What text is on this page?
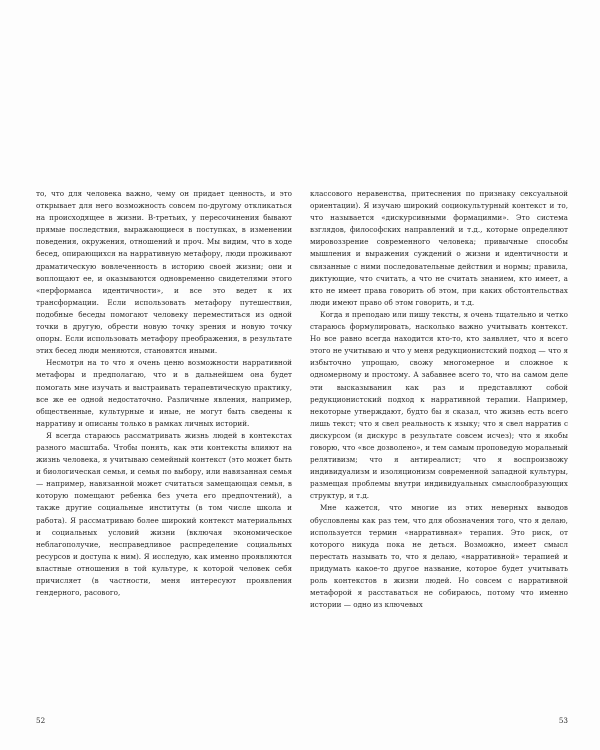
то, что для человека важно, чему он придает ценность, и это открывает для него возможность совсем по-другому откликаться на происходящее в жизни. В-третьих, у пересочинения бывают прямые последствия, выражающиеся в поступках, в изменении поведения, окружения, отношений и проч. Мы видим, что в ходе бесед, опирающихся на нарративную метафору, люди проживают драматическую вовлеченность в историю своей жизни; они и воплощают ее, и оказываются одновременно свидетелями этого «перформанса идентичности», и все это ведет к их трансформации. Если использовать метафору путешествия, подобные беседы помогают человеку переместиться из одной точки в другую, обрести новую точку зрения и новую точку опоры. Если использовать метафору преображения, в результате этих бесед люди меняются, становятся иными.

Несмотря на то что я очень ценю возможности нарративной метафоры и предполагаю, что и в дальнейшем она будет помогать мне изучать и выстраивать терапевтическую практику, все же ее одной недостаточно. Различные явления, например, общественные, культурные и иные, не могут быть сведены к нарративу и описаны только в рамках личных историй.

Я всегда стараюсь рассматривать жизнь людей в контекстах разного масштаба. Чтобы понять, как эти контексты влияют на жизнь человека, я учитываю семейный контекст (это может быть и биологическая семья, и семья по выбору, или навязанная семья — например, навязанной может считаться замещающая семья, в которую помещают ребенка без учета его предпочтений), а также другие социальные институты (в том числе школа и работа). Я рассматриваю более широкий контекст материальных и социальных условий жизни (включая экономическое неблагополучие, несправедливое распределение социальных ресурсов и доступа к ним). Я исследую, как именно проявляются властные отношения в той культуре, к которой человек себя причисляет (в частности, меня интересуют проявления гендерного, расового,

52

классового неравенства, притеснения по признаку сексуальной ориентации). Я изучаю широкий социокультурный контекст и то, что называется «дискурсивными формациями». Это система взглядов, философских направлений и т.д., которые определяют мировоззрение современного человека; привычные способы мышления и выражения суждений о жизни и идентичности и связанные с ними последовательные действия и нормы; правила, диктующие, что считать, а что не считать знанием, кто имеет, а кто не имеет права говорить об этом, при каких обстоятельствах люди имеют право об этом говорить, и т.д.

Когда я преподаю или пишу тексты, я очень тщательно и четко стараюсь формулировать, насколько важно учитывать контекст. Но все равно всегда находится кто-то, кто заявляет, что я всего этого не учитываю и что у меня редукционистский подход — что я избыточно упрощаю, свожу многомерное и сложное к одномерному и простому. А забавнее всего то, что на самом деле эти высказывания как раз и представляют собой редукционистский подход к нарративной терапии. Например, некоторые утверждают, будто бы я сказал, что жизнь есть всего лишь текст; что я свел реальность к языку; что я свел нарратив с дискурсом (и дискурс в результате совсем исчез); что я якобы говорю, что «все дозволено», и тем самым проповедую моральный релятивизм; что я антиреалист; что я воспроизвожу индивидуализм и изоляционизм современной западной культуры, размещая проблемы внутри индивидуальных смыслообразующих структур, и т.д.

Мне кажется, что многие из этих неверных выводов обусловлены как раз тем, что для обозначения того, что я делаю, используется термин «нарративная» терапия. Это риск, от которого никуда пока не деться. Возможно, имеет смысл перестать называть то, что я делаю, «нарративной» терапией и придумать какое-то другое название, которое будет учитывать роль контекстов в жизни людей. Но совсем с нарративной метафорой я расставаться не собираюсь, потому что именно истории — одно из ключевых

53
